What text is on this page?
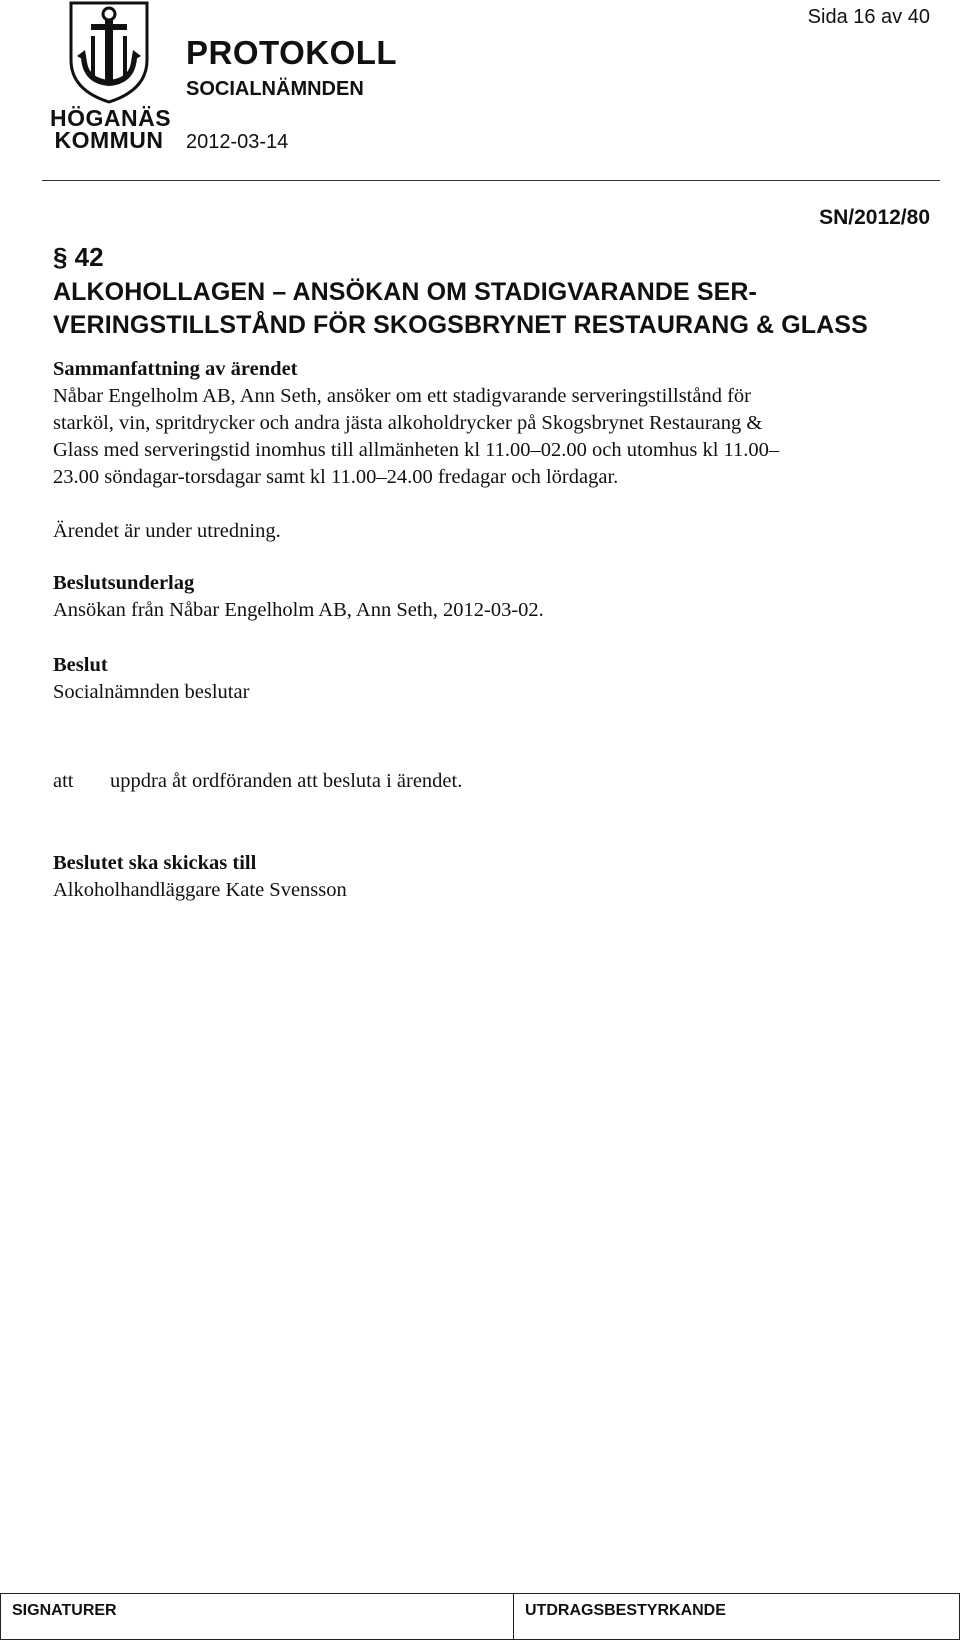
HÖGANÄS
KOMMUN
Sida 16 av 40
PROTOKOLL
SOCIALNÄMNDEN
2012-03-14
SN/2012/80
§ 42
ALKOHOLLAGEN – ANSÖKAN OM STADIGVARANDE SER-
VERINGSTILLSTÅND FÖR SKOGSBRYNET RESTAURANG & GLASS
Sammanfattning av ärendet
Nåbar Engelholm AB, Ann Seth, ansöker om ett stadigvarande serveringstillstånd för
starköl, vin, spritdrycker och andra jästa alkoholdrycker på Skogsbrynet Restaurang &
Glass med serveringstid inomhus till allmänheten kl 11.00–02.00 och utomhus kl 11.00–
23.00 söndagar-torsdagar samt kl 11.00–24.00 fredagar och lördagar.
Ärendet är under utredning.
Beslutsunderlag
Ansökan från Nåbar Engelholm AB, Ann Seth, 2012-03-02.
Beslut
Socialnämnden beslutar
att uppdra åt ordföranden att besluta i ärendet.
Beslutet ska skickas till
Alkoholhandläggare Kate Svensson
SIGNATURER	UTDRAGSBESTYRKANDE
